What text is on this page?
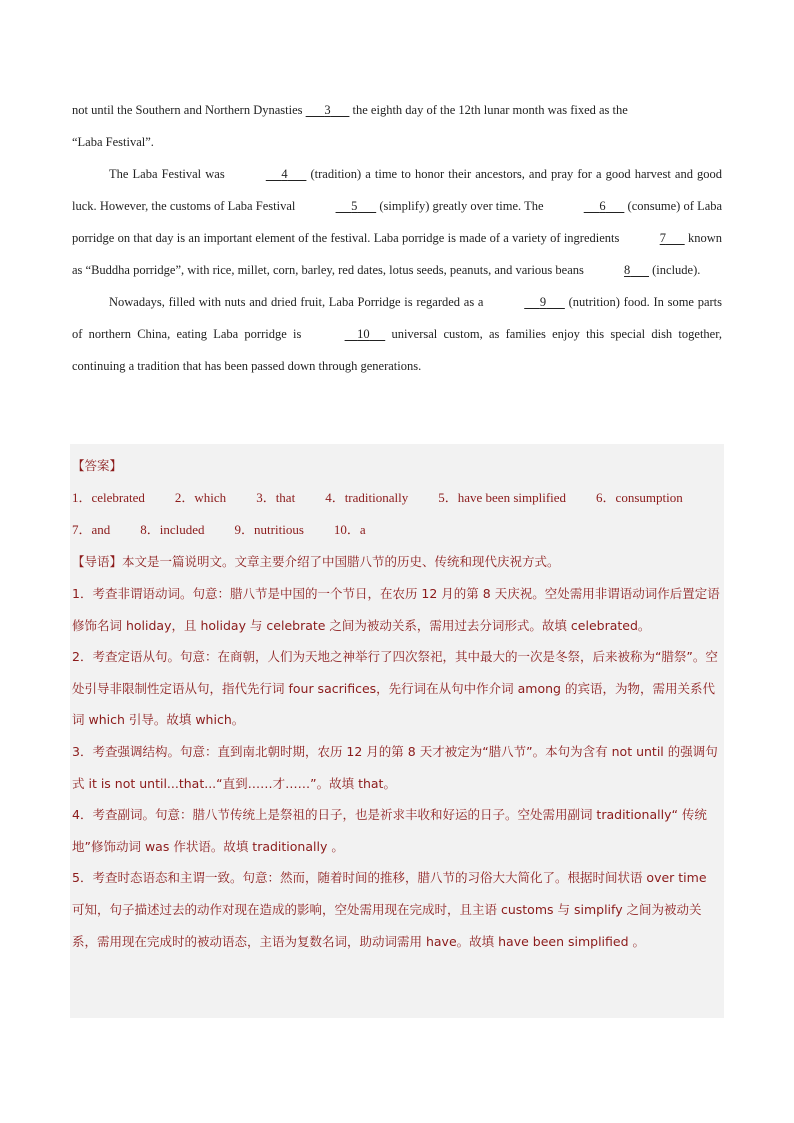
not until the Southern and Northern Dynasties 3 the eighth day of the 12th lunar month was fixed as the
“Laba Festival”.

The Laba Festival was	4 (tradition) a time to honor their ancestors, and pray for a good harvest and good luck. However, the customs of Laba Festival	5 (simplify) greatly over time. The	6 (consume) of Laba porridge on that day is an important element of the festival. Laba porridge is made of a variety of ingredients	7 known as “Buddha porridge”, with rice, millet, corn, barley, red dates, lotus seeds, peanuts, and various beans	8 (include).

Nowadays, filled with nuts and dried fruit, Laba Porridge is regarded as a	9 (nutrition) food. In some parts of northern China, eating Laba porridge is	10 universal custom, as families enjoy this special dish together, continuing a tradition that has been passed down through generations.

【答案】
1．celebrated 2．which 3．that 4．traditionally 5．have been simplified 6．consumption
7．and 8．included 9．nutritious 10．a
【导语】本文是一篇说明文。文章主要介绍了中国腊八节的历史、传统和现代庆祝方式。

1．考查非谓语动词。句意：腊八节是中国的一个节日，在农历 12 月的第 8 天庆祝。空处需用非谓语动词作后置定语修饰名词 holiday，且 holiday 与 celebrate 之间为被动关系，需用过去分词形式。故填 celebrated。

2．考查定语从句。句意：在商朝，人们为天地之神举行了四次祭祀，其中最大的一次是冬祭，后来被称为“腊祭”。空处引导非限制性定语从句，指代先行词 four sacrifices，先行词在从句中作介词 among 的宾语，为物，需用关系代词 which 引导。故填 which。

3．考查强调结构。句意：直到南北朝时期，农历 12 月的第 8 天才被定为“腊八节”。本句为含有 not until 的强调句式 it is not until...that...“直到……才……”。故填 that。

4．考查副词。句意：腊八节传统上是祭祖的日子，也是祈求丰收和好运的日子。空处需用副词 traditionally“ 传统地”修饰动词 was 作状语。故填 traditionally 。

5．考查时态语态和主谓一致。句意：然而，随着时间的推移，腊八节的习俗大大简化了。根据时间状语 over time 可知，句子描述过去的动作对现在造成的影响，空处需用现在完成时，且主语 customs 与 simplify 之间为被动关系，需用现在完成时的被动语态，主语为复数名词，助动词需用 have。故填 have been simplified 。
